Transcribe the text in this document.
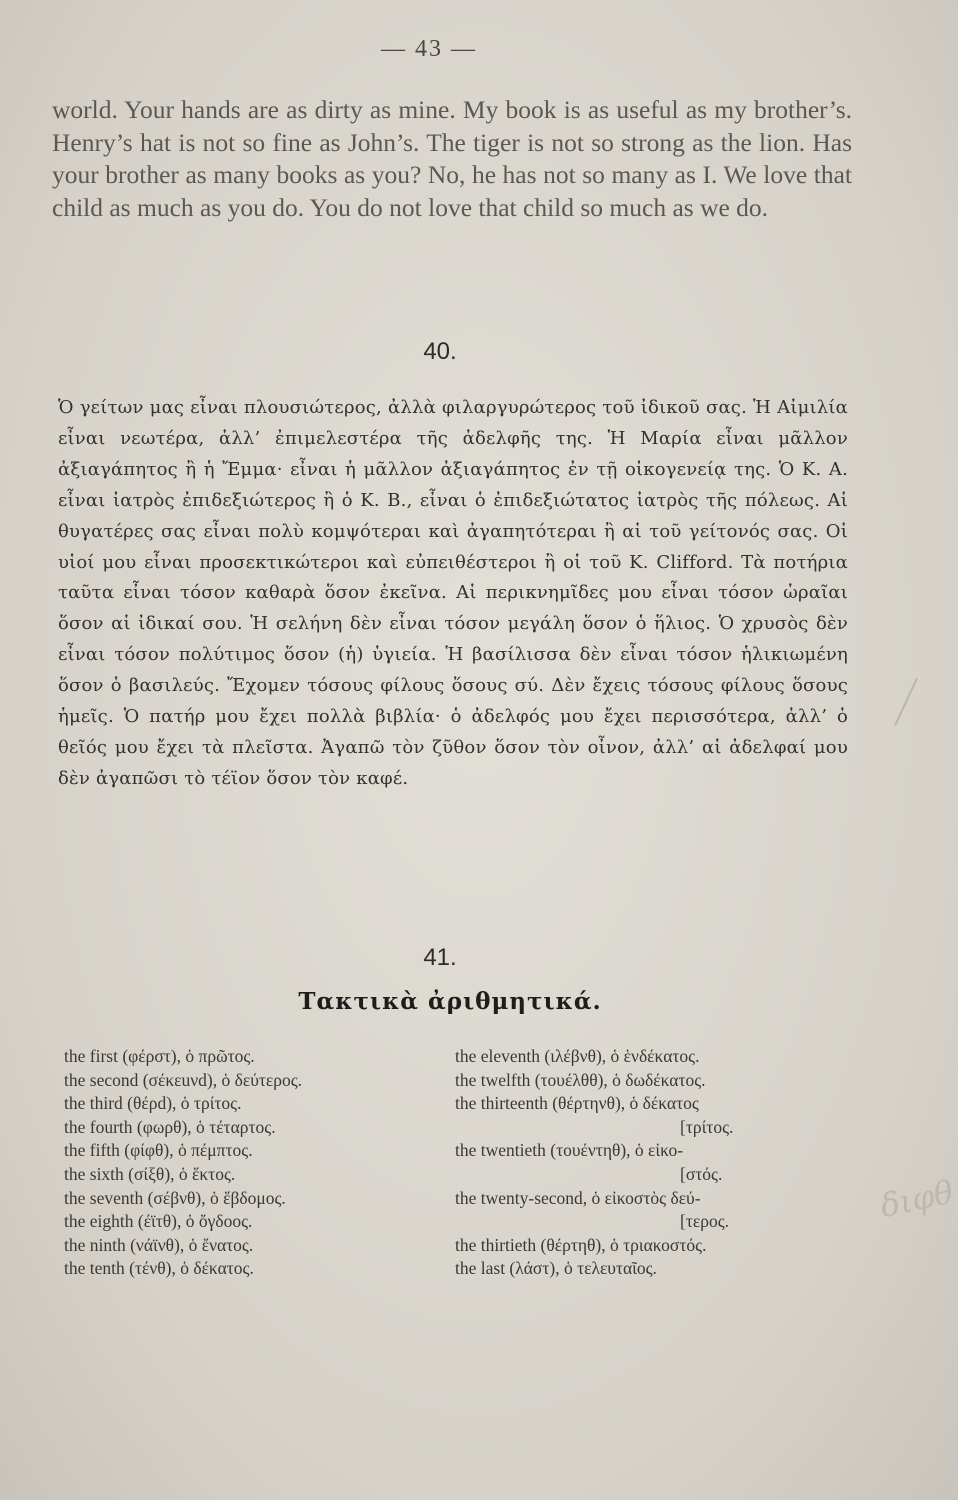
— 43 —

world. Your hands are as dirty as mine. My book is as useful as my brother’s. Henry’s hat is not so fine as John’s. The tiger is not so strong as the lion. Has your brother as many books as you? No, he has not so many as I. We love that child as much as you do. You do not love that child so much as we do.

40.

Ὁ γείτων μας εἶναι πλουσιώτερος, ἀλλὰ φιλαργυρώτερος τοῦ ἰδικοῦ σας. Ἡ Αἰμιλία εἶναι νεωτέρα, ἀλλ’ ἐπιμελεστέρα τῆς ἀδελφῆς της. Ἡ Μαρία εἶναι μᾶλλον ἀξιαγάπητος ἢ ἡ Ἔμμα· εἶναι ἡ μᾶλλον ἀξιαγάπητος ἐν τῇ οἰκογενείᾳ της. Ὁ Κ. Α. εἶναι ἰατρὸς ἐπιδεξιώτερος ἢ ὁ Κ. Β., εἶναι ὁ ἐπιδεξιώτατος ἰατρὸς τῆς πόλεως. Αἱ θυγατέρες σας εἶναι πολὺ κομψότεραι καὶ ἀγαπητότεραι ἢ αἱ τοῦ γείτονός σας. Οἱ υἱοί μου εἶναι προσεκτικώτεροι καὶ εὐπειθέστεροι ἢ οἱ τοῦ Κ. Clifford. Τὰ ποτήρια ταῦτα εἶναι τόσον καθαρὰ ὅσον ἐκεῖνα. Αἱ περικνημῖδες μου εἶναι τόσον ὡραῖαι ὅσον αἱ ἰδικαί σου. Ἡ σελήνη δὲν εἶναι τόσον μεγάλη ὅσον ὁ ἥλιος. Ὁ χρυσὸς δὲν εἶναι τόσον πολύτιμος ὅσον (ἡ) ὑγιεία. Ἡ βασίλισσα δὲν εἶναι τόσον ἡλικιωμένη ὅσον ὁ βασιλεύς. Ἔχομεν τόσους φίλους ὅσους σύ. Δὲν ἔχεις τόσους φίλους ὅσους ἡμεῖς. Ὁ πατήρ μου ἔχει πολλὰ βιβλία· ὁ ἀδελφός μου ἔχει περισσότερα, ἀλλ’ ὁ θεῖός μου ἔχει τὰ πλεῖστα. Ἀγαπῶ τὸν ζῦθον ὅσον τὸν οἶνον, ἀλλ’ αἱ ἀδελφαί μου δὲν ἀγαπῶσι τὸ τέϊον ὅσον τὸν καφέ.

41.
Τακτικὰ ἀριθμητικά.
the first (φέρστ), ὁ πρῶτος.
the second (σέκεuνd), ὁ δεύτερος.
the third (θέρd), ὁ τρίτος.
the fourth (φωρθ), ὁ τέταρτος.
the fifth (φίφθ), ὁ πέμπτος.
the sixth (σίξθ), ὁ ἕκτος.
the seventh (σέβνθ), ὁ ἕβδομος.
the eighth (έϊτθ), ὁ ὄγδοος.
the ninth (νάϊνθ), ὁ ἔνατος.
the tenth (τένθ), ὁ δέκατος.
the eleventh (ιλέβνθ), ὁ ἑνδέκατος.
the twelfth (τουέλθθ), ὁ δωδέκατος.
the thirteenth (θέρτηνθ), ὁ δέκατος
[τρίτος.
the twentieth (τουέντηθ), ὁ εἰκο-
[στός.
the twenty-second, ὁ εἰκοστὸς δεύ-
[τερος.
the thirtieth (θέρτηθ), ὁ τριακοστός.
the last (λάστ), ὁ τελευταῖος.
διφθ
